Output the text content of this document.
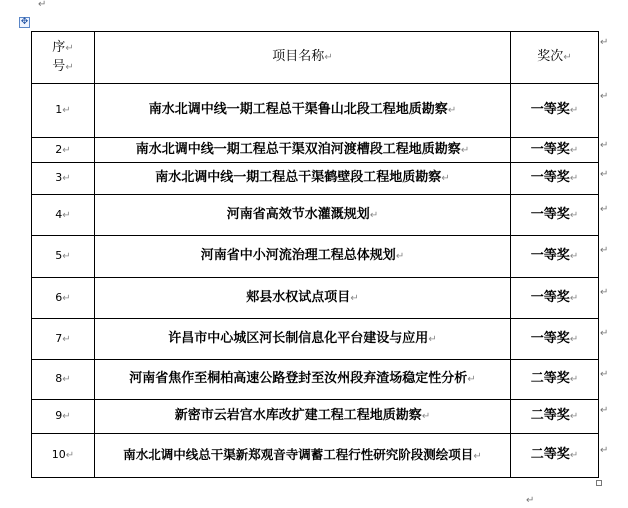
↵
✥
序↵
号↵	项目名称↵	奖次↵
1↵	南水北调中线一期工程总干渠鲁山北段工程地质勘察↵	一等奖↵
2↵	南水北调中线一期工程总干渠双洎河渡槽段工程地质勘察↵	一等奖↵
3↵	南水北调中线一期工程总干渠鹤壁段工程地质勘察↵	一等奖↵
4↵	河南省高效节水灌溉规划↵	一等奖↵
5↵	河南省中小河流治理工程总体规划↵	一等奖↵
6↵	郏县水权试点项目↵	一等奖↵
7↵	许昌市中心城区河长制信息化平台建设与应用↵	一等奖↵
8↵	河南省焦作至桐柏高速公路登封至汝州段弃渣场稳定性分析↵	二等奖↵
9↵	新密市云岩宫水库改扩建工程工程地质勘察↵	二等奖↵
10↵	南水北调中线总干渠新郑观音寺调蓄工程行性研究阶段测绘项目↵	二等奖↵
↵
↵
↵
↵
↵
↵
↵
↵
↵
↵
↵
↵
